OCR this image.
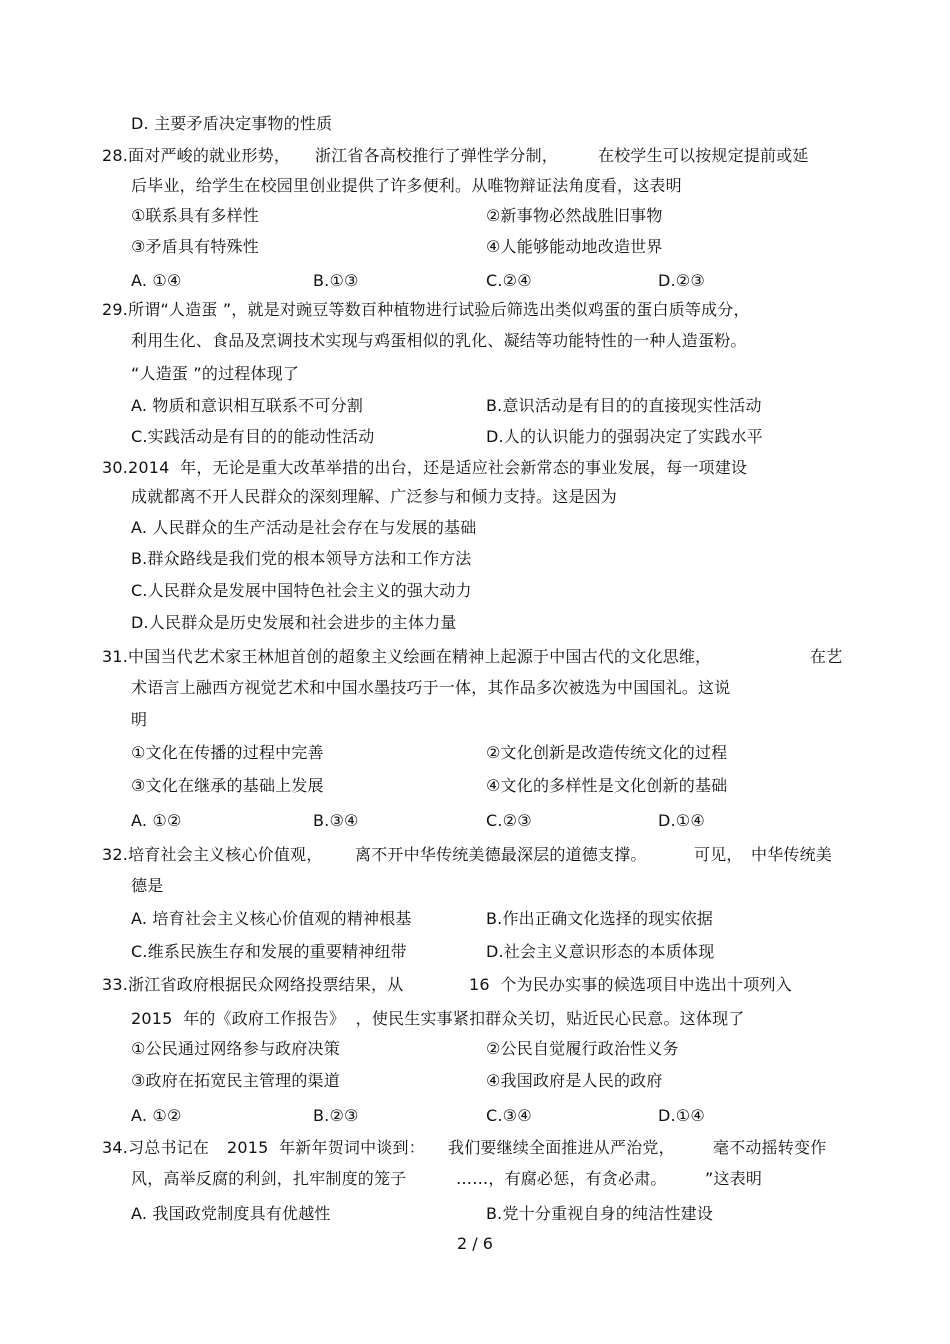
D. 主要矛盾决定事物的性质
28.面对严峻的就业形势， 浙江省各高校推行了弹性学分制， 在校学生可以按规定提前或延
后毕业，给学生在校园里创业提供了许多便利。从唯物辩证法角度看，这表明
①联系具有多样性	②新事物必然战胜旧事物
③矛盾具有特殊性	④人能够能动地改造世界
A. ①④	B.①③	C.②④	D.②③
29.所谓“人造蛋 ”，就是对豌豆等数百种植物进行试验后筛选出类似鸡蛋的蛋白质等成分，
利用生化、食品及烹调技术实现与鸡蛋相似的乳化、凝结等功能特性的一种人造蛋粉。
“人造蛋 ”的过程体现了
A. 物质和意识相互联系不可分割	B.意识活动是有目的的直接现实性活动
C.实践活动是有目的的能动性活动	D.人的认识能力的强弱决定了实践水平
30.2014  年，无论是重大改革举措的出台，还是适应社会新常态的事业发展，每一项建设
成就都离不开人民群众的深刻理解、广泛参与和倾力支持。这是因为
A. 人民群众的生产活动是社会存在与发展的基础
B.群众路线是我们党的根本领导方法和工作方法
C.人民群众是发展中国特色社会主义的强大动力
D.人民群众是历史发展和社会进步的主体力量
31.中国当代艺术家王林旭首创的超象主义绘画在精神上起源于中国古代的文化思维，	在艺
术语言上融西方视觉艺术和中国水墨技巧于一体，其作品多次被选为中国国礼。这说
明
①文化在传播的过程中完善	②文化创新是改造传统文化的过程
③文化在继承的基础上发展	④文化的多样性是文化创新的基础
A. ①②	B.③④	C.②③	D.①④
32.培育社会主义核心价值观， 离不开中华传统美德最深层的道德支撑。	可见， 中华传统美
德是
A. 培育社会主义核心价值观的精神根基	B.作出正确文化选择的现实依据
C.维系民族生存和发展的重要精神纽带	D.社会主义意识形态的本质体现
33.浙江省政府根据民众网络投票结果，从	16  个为民办实事的候选项目中选出十项列入
2015  年的《政府工作报告》  ，使民生实事紧扣群众关切，贴近民心民意。这体现了
①公民通过网络参与政府决策	②公民自觉履行政治性义务
③政府在拓宽民主管理的渠道	④我国政府是人民的政府
A. ①②	B.②③	C.③④	D.①④
34.习总书记在 2015  年新年贺词中谈到： 我们要继续全面推进从严治党， 毫不动摇转变作
风，高举反腐的利剑，扎牢制度的笼子	……，有腐必惩，有贪必肃。 ”这表明
A. 我国政党制度具有优越性	B.党十分重视自身的纯洁性建设
2 / 6
